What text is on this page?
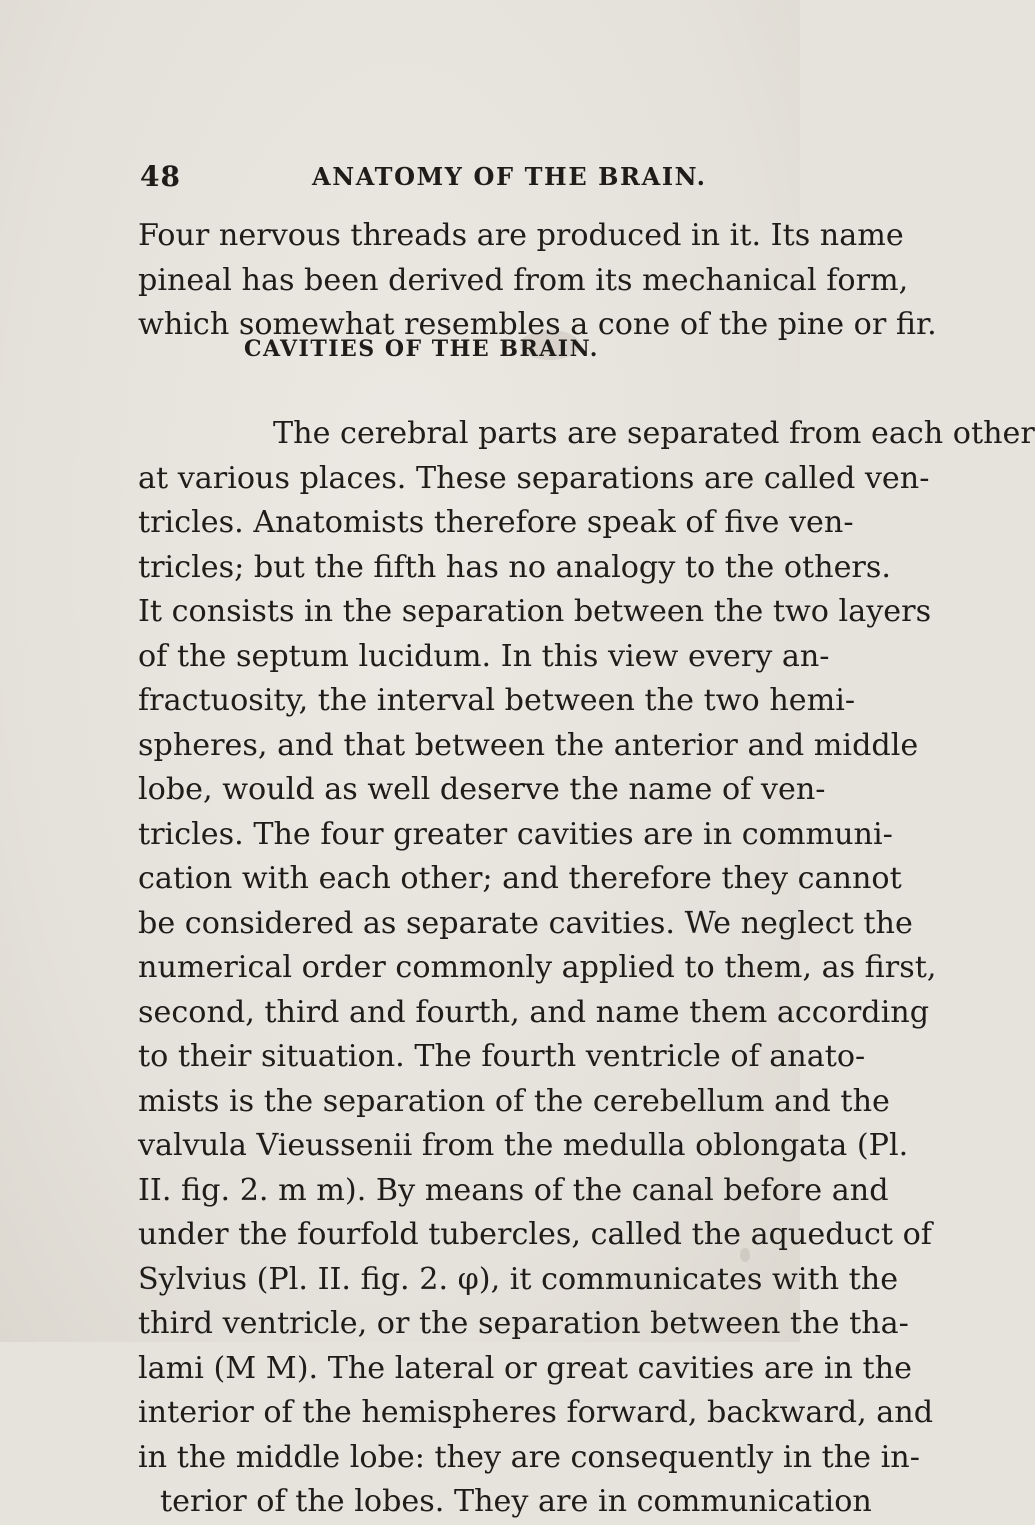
48	ANATOMY OF THE BRAIN.
Four nervous threads are produced in it. Its name
pineal has been derived from its mechanical form,
which somewhat resembles a cone of the pine or fir.
CAVITIES OF THE BRAIN.
The cerebral parts are separated from each other
at various places. These separations are called ven-
tricles. Anatomists therefore speak of five ven-
tricles; but the fifth has no analogy to the others.
It consists in the separation between the two layers
of the septum lucidum. In this view every an-
fractuosity, the interval between the two hemi-
spheres, and that between the anterior and middle
lobe, would as well deserve the name of ven-
tricles. The four greater cavities are in communi-
cation with each other; and therefore they cannot
be considered as separate cavities. We neglect the
numerical order commonly applied to them, as first,
second, third and fourth, and name them according
to their situation. The fourth ventricle of anato-
mists is the separation of the cerebellum and the
valvula Vieussenii from the medulla oblongata (Pl.
II. fig. 2. m m). By means of the canal before and
under the fourfold tubercles, called the aqueduct of
Sylvius (Pl. II. fig. 2. φ), it communicates with the
third ventricle, or the separation between the tha-
lami (M M). The lateral or great cavities are in the
interior of the hemispheres forward, backward, and
in the middle lobe: they are consequently in the in-
terior of the lobes. They are in communication
